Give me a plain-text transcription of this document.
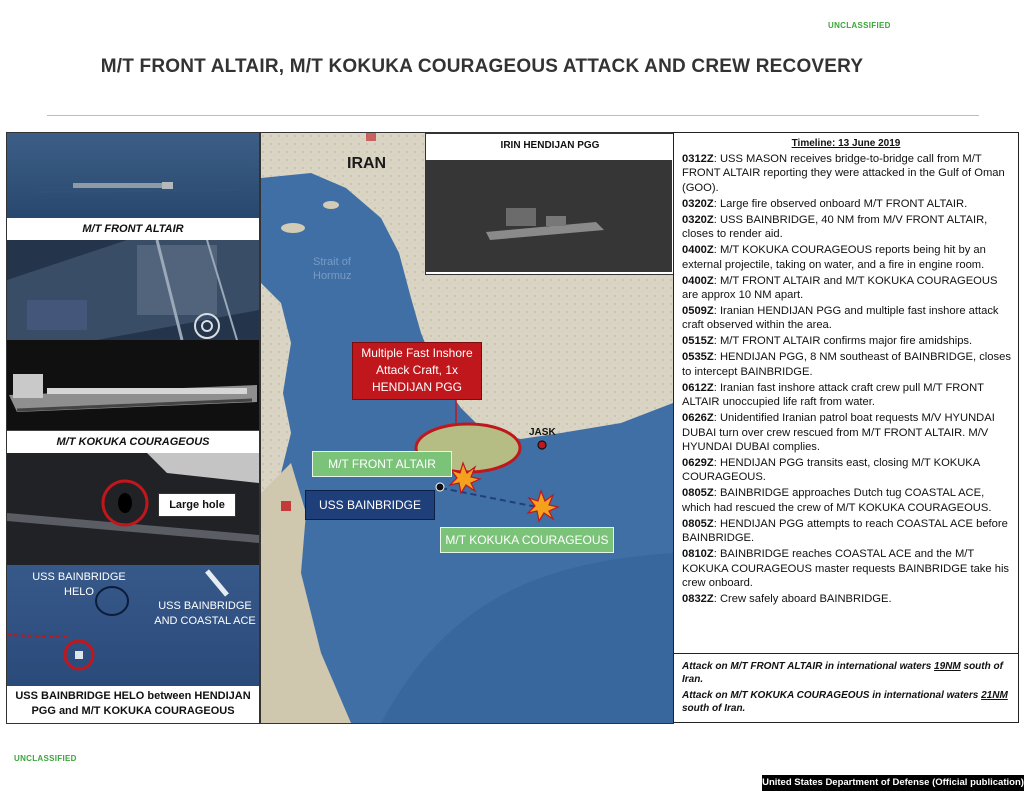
UNCLASSIFIED
UNCLASSIFIED
M/T FRONT ALTAIR, M/T KOKUKA COURAGEOUS ATTACK AND CREW RECOVERY
M/T FRONT ALTAIR
M/T KOKUKA COURAGEOUS
Large hole
USS BAINBRIDGE HELO
USS BAINBRIDGE AND COASTAL ACE
USS BAINBRIDGE HELO between HENDIJAN PGG and M/T KOKUKA COURAGEOUS
Strait of
Hormuz
IRAN
IRIN HENDIJAN PGG
Multiple Fast Inshore Attack Craft, 1x HENDIJAN PGG
M/T FRONT ALTAIR
USS BAINBRIDGE
M/T KOKUKA COURAGEOUS
JASK
Timeline: 13 June 2019
0312Z: USS MASON receives bridge-to-bridge call from M/T FRONT ALTAIR reporting they were attacked in the Gulf of Oman (GOO).
0320Z: Large fire observed onboard M/T FRONT ALTAIR.
0320Z: USS BAINBRIDGE, 40 NM from M/V FRONT ALTAIR, closes to render aid.
0400Z: M/T KOKUKA COURAGEOUS reports being hit by an external projectile, taking on water, and a fire in engine room.
0400Z: M/T FRONT ALTAIR and M/T KOKUKA COURAGEOUS are approx 10 NM apart.
0509Z: Iranian HENDIJAN PGG and multiple fast inshore attack craft observed within the area.
0515Z: M/T FRONT ALTAIR confirms major fire amidships.
0535Z: HENDIJAN PGG, 8 NM southeast of BAINBRIDGE, closes to intercept BAINBRIDGE.
0612Z: Iranian fast inshore attack craft crew pull M/T FRONT ALTAIR unoccupied life raft from water.
0626Z: Unidentified Iranian patrol boat requests M/V HYUNDAI DUBAI turn over crew rescued from M/T FRONT ALTAIR. M/V HYUNDAI DUBAI complies.
0629Z: HENDIJAN PGG transits east, closing M/T KOKUKA COURAGEOUS.
0805Z: BAINBRIDGE approaches Dutch tug COASTAL ACE, which had rescued the crew of M/T KOKUKA COURAGEOUS.
0805Z: HENDIJAN PGG attempts to reach COASTAL ACE before BAINBRIDGE.
0810Z: BAINBRIDGE reaches COASTAL ACE and the M/T KOKUKA COURAGEOUS master requests BAINBRIDGE take his crew onboard.
0832Z: Crew safely aboard BAINBRIDGE.
Attack on M/T FRONT ALTAIR in international waters 19NM south of Iran.
Attack on M/T KOKUKA COURAGEOUS in international waters 21NM south of Iran.
United States Department of Defense (Official publication)
